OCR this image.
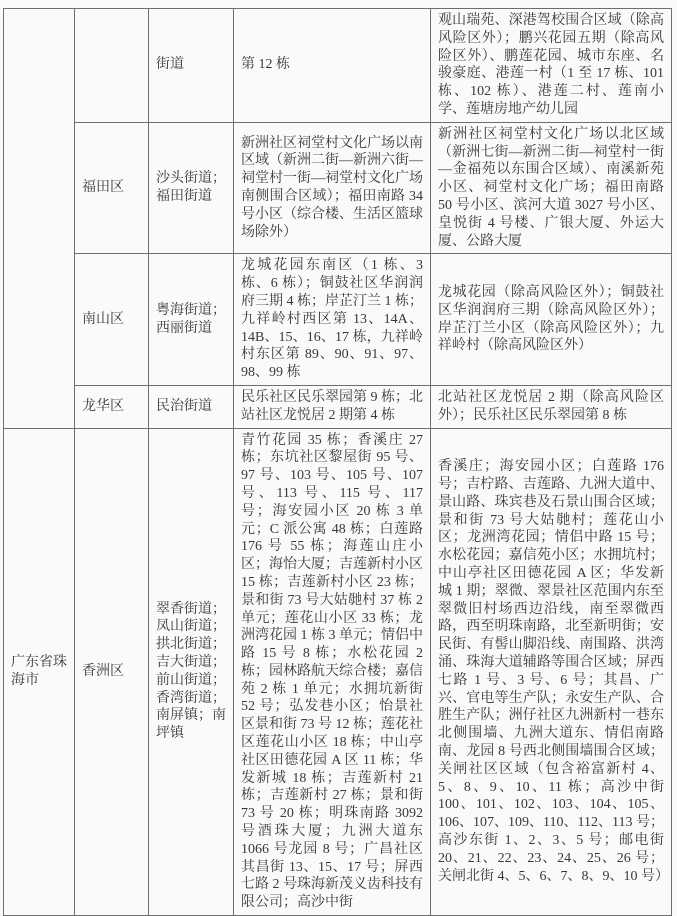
		街道	第 12 栋	观山瑞苑、深港驾校围合区域（除高风险区外）；鹏兴花园五期（除高风险区外）、鹏莲花园、城市东座、名骏豪庭、港莲一村（1 至 17 栋、101 栋、102 栋）、港莲二村、莲南小学、莲塘房地产幼儿园
	福田区	沙头街道；福田街道	新洲社区祠堂村文化广场以南区域（新洲二街—新洲六街—祠堂村一街—祠堂村文化广场南侧围合区域）；福田南路 34 号小区（综合楼、生活区篮球场除外）	新洲社区祠堂村文化广场以北区域（新洲七街—新洲二街—祠堂村一街—金福苑以东围合区域）、南溪新苑小区、祠堂村文化广场；福田南路 50 号小区、滨河大道 3027 号小区、皇悦街 4 号楼、广银大厦、外运大厦、公路大厦
	南山区	粤海街道；西丽街道	龙城花园东南区（1 栋、3 栋、6 栋）；铜鼓社区华润润府三期 4 栋；岸芷汀兰 1 栋；九祥岭村西区第 13、14A、14B、15、16、17 栋，九祥岭村东区第 89、90、91、97、98、99 栋	龙城花园（除高风险区外）；铜鼓社区华润润府三期（除高风险区外）；岸芷汀兰小区（除高风险区外）；九祥岭村（除高风险区外）
	龙华区	民治街道	民乐社区民乐翠园第 9 栋；北站社区龙悦居 2 期第 4 栋	北站社区龙悦居 2 期（除高风险区外）；民乐社区民乐翠园第 8 栋
广东省珠海市	香洲区	翠香街道；凤山街道；拱北街道；吉大街道；前山街道；香湾街道；南屏镇；南坪镇	青竹花园 35 栋；香溪庄 27 栋；东坑社区黎屋街 95 号、97 号、103 号、105 号、107 号、113 号、115 号、117 号；海安园小区 20 栋 3 单元；C 派公寓 48 栋；白莲路 176 号 55 栋；海莲山庄小区；海怡大厦；吉莲新村小区 15 栋；吉莲新村小区 23 栋；景和街 73 号大姑毑村 37 栋 2 单元；莲花山小区 33 栋；龙洲湾花园 1 栋 3 单元；情侣中路 15 号 8 栋；水松花园 2 栋；园林路航天综合楼；嘉信苑 2 栋 1 单元；水拥坑新街 52 号；弘发巷小区；怡景社区景和街 73 号 12 栋；莲花社区莲花山小区 18 栋；中山亭社区田德花园 A 区 11 栋；华发新城 18 栋；吉莲新村 21 栋；吉莲新村 27 栋；景和街 73 号 20 栋；明珠南路 3092 号酒珠大厦；九洲大道东 1066 号龙园 8 号；广昌社区其昌街 13、15、17 号；屏西七路 2 号珠海新茂义齿科技有限公司；高沙中街	香溪庄；海安园小区；白莲路 176 号；吉柠路、吉莲路、九洲大道中、景山路、珠宾巷及石景山围合区域；景和街 73 号大姑毑村；莲花山小区；龙洲湾花园；情侣中路 15 号；水松花园；嘉信苑小区；水拥坑村；中山亭社区田德花园 A 区；华发新城 1 期；翠微、翠景社区范围内东至翠微旧村场西边沿线，南至翠微西路，西至明珠南路，北至新明街；安民街、有髻山脚沿线、南围路、洪湾涌、珠海大道辅路等围合区域；屏西七路 1 号、3 号、6 号；其昌、广兴、官电等生产队；永安生产队、合胜生产队；洲仔社区九洲新村一巷东北侧围墙、九洲大道东、情侣南路南、龙园 8 号西北侧围墙围合区域；关闸社区区域（包含裕富新村 4、5、8、9、10、11 栋；高沙中街 100、101、102、103、104、105、106、107、109、110、112、113 号；高沙东街 1、2、3、5 号；邮电街 20、21、22、23、24、25、26 号；关闸北街 4、5、6、7、8、9、10 号）
